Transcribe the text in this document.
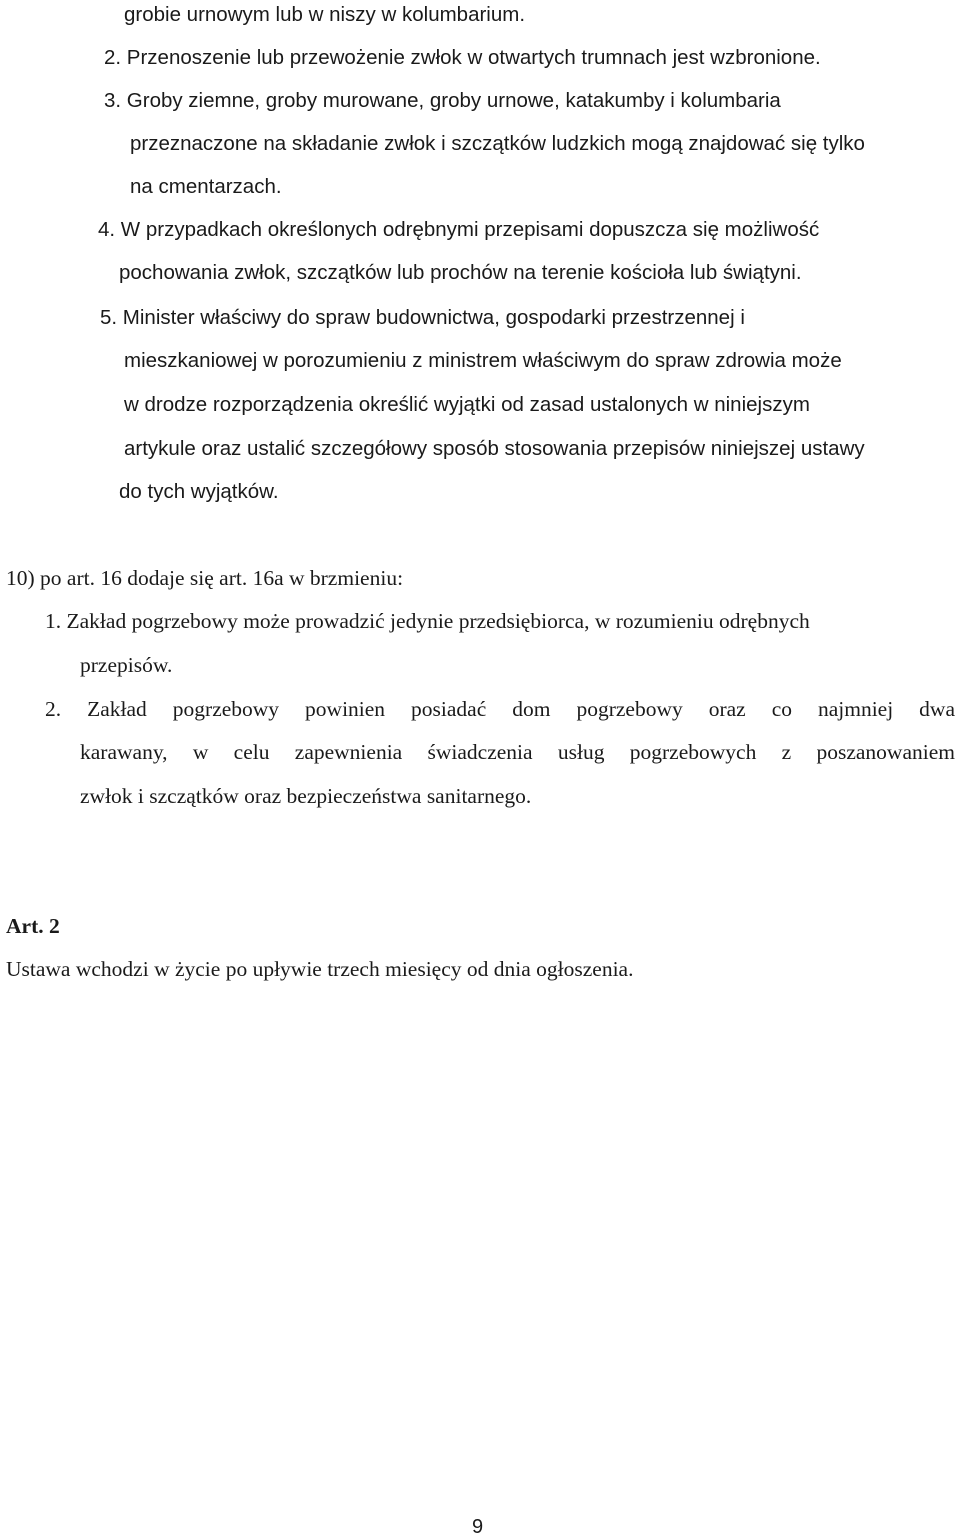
grobie urnowym lub w niszy w kolumbarium.
2. Przenoszenie lub przewożenie zwłok w otwartych trumnach jest wzbronione.
3. Groby ziemne, groby murowane, groby urnowe, katakumby i kolumbaria
przeznaczone na składanie zwłok i szczątków ludzkich mogą znajdować się tylko
na cmentarzach.
4. W przypadkach określonych odrębnymi przepisami dopuszcza się możliwość
pochowania zwłok, szczątków lub prochów na terenie kościoła lub świątyni.
5. Minister właściwy do spraw budownictwa, gospodarki przestrzennej i
mieszkaniowej w porozumieniu z ministrem właściwym do spraw zdrowia może
w drodze rozporządzenia określić wyjątki od zasad ustalonych w niniejszym
artykule oraz ustalić szczegółowy sposób stosowania przepisów niniejszej ustawy
do tych wyjątków.
10) po art. 16 dodaje się art. 16a w brzmieniu:
1. Zakład pogrzebowy może prowadzić jedynie przedsiębiorca, w rozumieniu odrębnych
przepisów.
2. Zakład pogrzebowy powinien posiadać dom pogrzebowy oraz co najmniej dwa
karawany, w celu zapewnienia świadczenia usług pogrzebowych z poszanowaniem
zwłok i szczątków oraz bezpieczeństwa sanitarnego.
Art. 2
Ustawa wchodzi w życie po upływie trzech miesięcy od dnia ogłoszenia.
9
